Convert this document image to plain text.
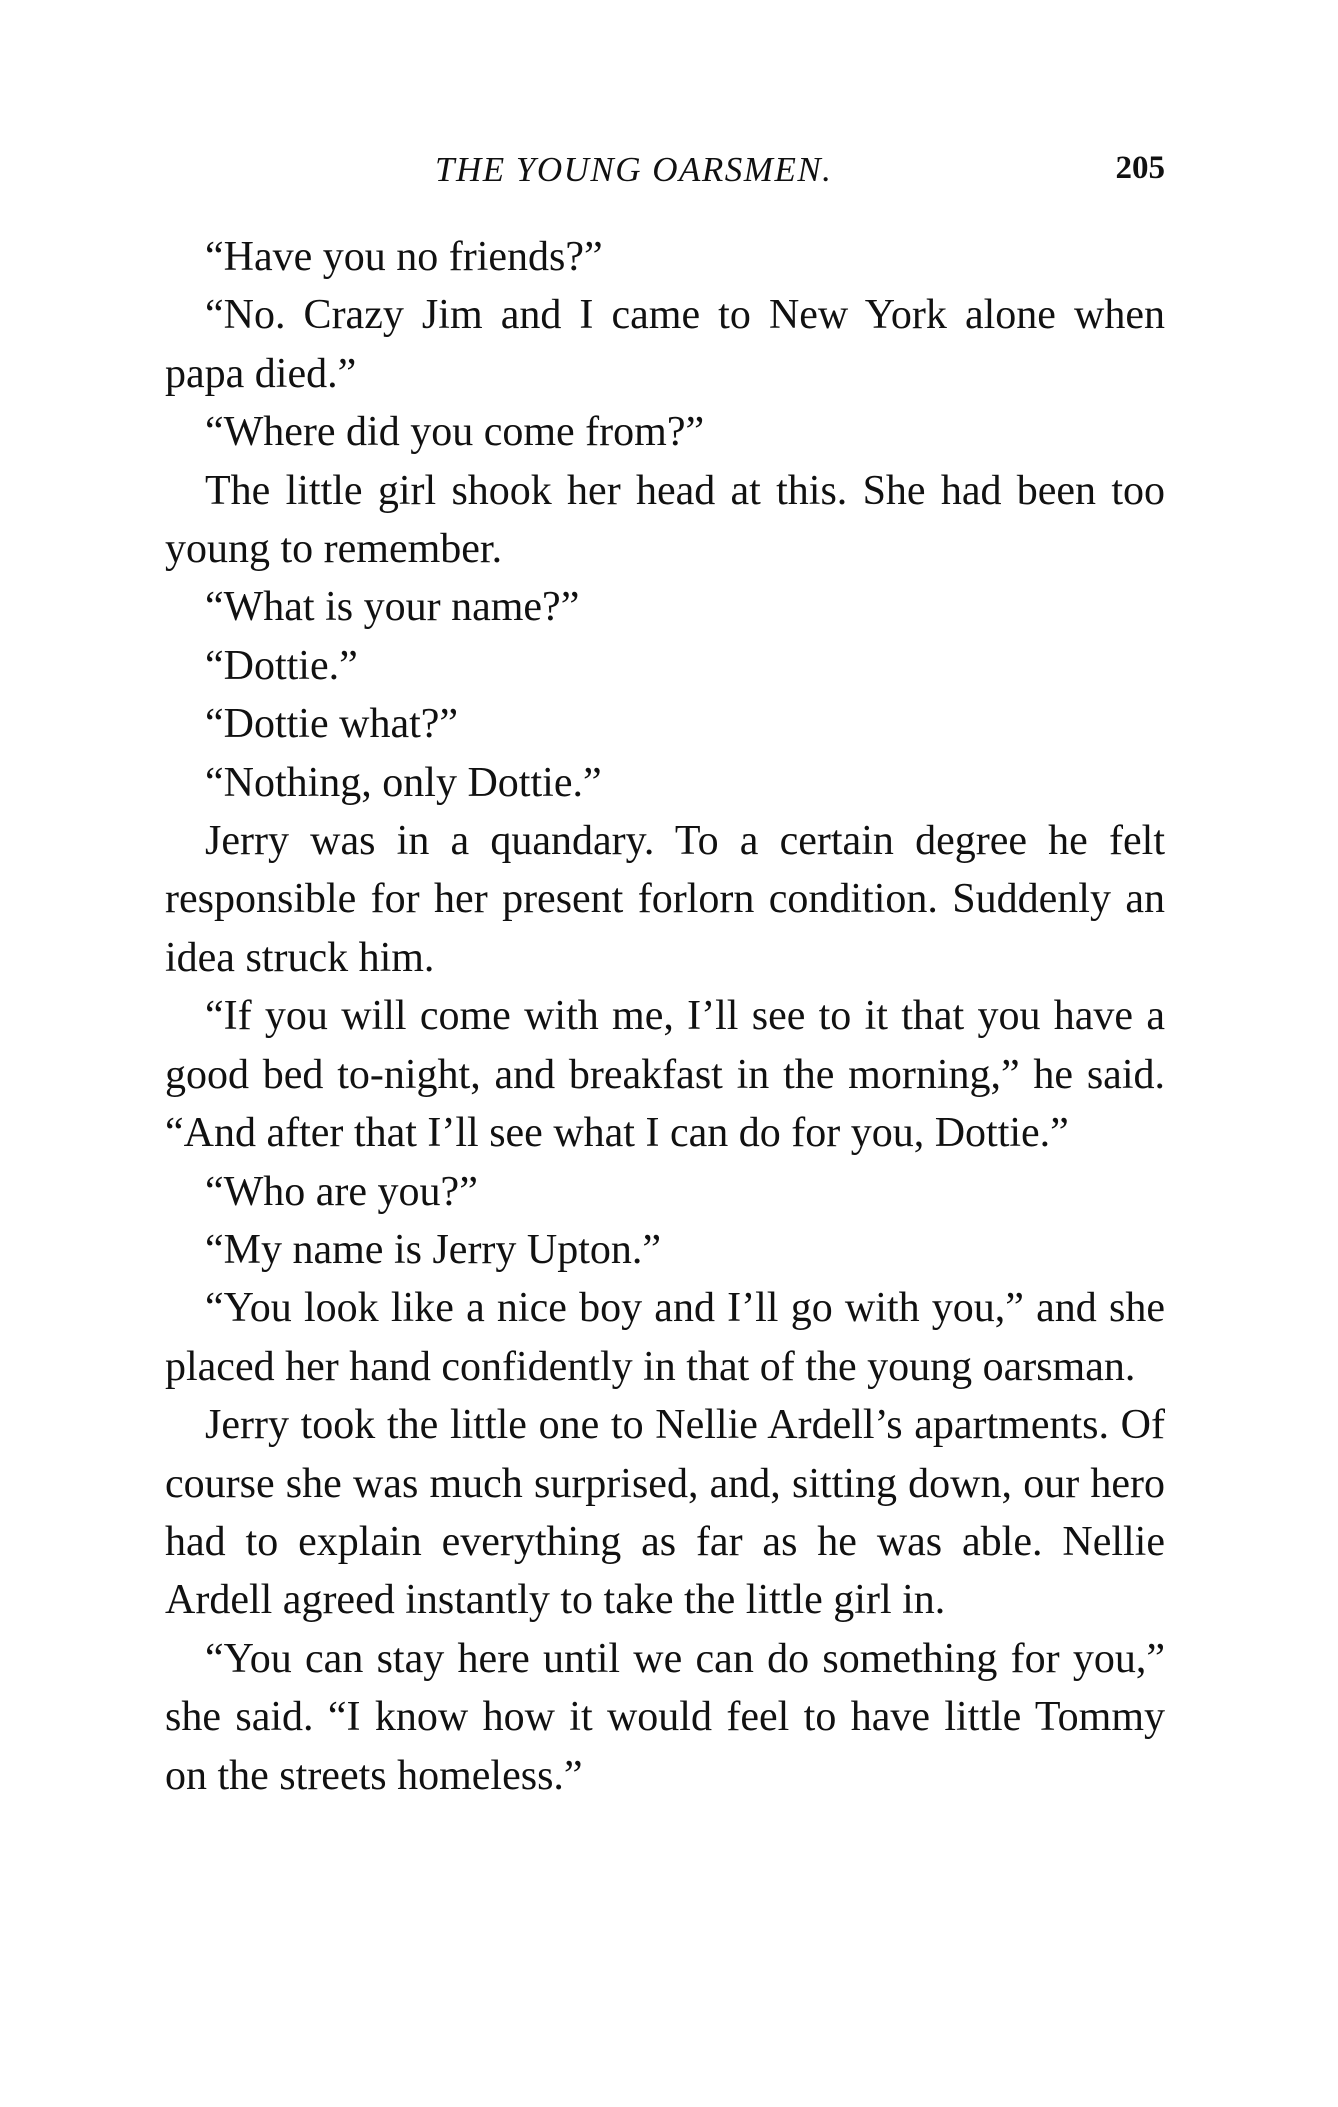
THE YOUNG OARSMEN.	205

“Have you no friends?”

“No. Crazy Jim and I came to New York alone when papa died.”

“Where did you come from?”

The little girl shook her head at this. She had been too young to remember.

“What is your name?”

“Dottie.”

“Dottie what?”

“Nothing, only Dottie.”

Jerry was in a quandary. To a certain degree he felt responsible for her present forlorn condition. Suddenly an idea struck him.

“If you will come with me, I’ll see to it that you have a good bed to-night, and breakfast in the morning,” he said. “And after that I’ll see what I can do for you, Dottie.”

“Who are you?”

“My name is Jerry Upton.”

“You look like a nice boy and I’ll go with you,” and she placed her hand confidently in that of the young oarsman.

Jerry took the little one to Nellie Ardell’s apartments. Of course she was much surprised, and, sitting down, our hero had to explain everything as far as he was able. Nellie Ardell agreed instantly to take the little girl in.

“You can stay here until we can do something for you,” she said. “I know how it would feel to have little Tommy on the streets homeless.”
